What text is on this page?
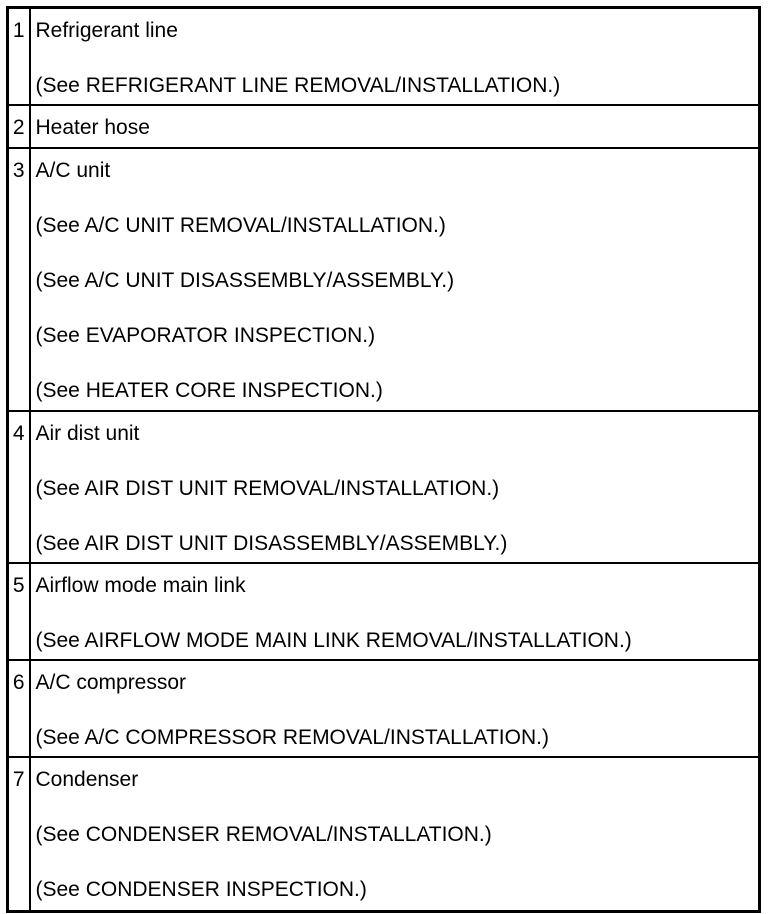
1	Refrigerant line
(See REFRIGERANT LINE REMOVAL/INSTALLATION.)

2	Heater hose

3	A/C unit
(See A/C UNIT REMOVAL/INSTALLATION.)
(See A/C UNIT DISASSEMBLY/ASSEMBLY.)
(See EVAPORATOR INSPECTION.)
(See HEATER CORE INSPECTION.)

4	Air dist unit
(See AIR DIST UNIT REMOVAL/INSTALLATION.)
(See AIR DIST UNIT DISASSEMBLY/ASSEMBLY.)

5	Airflow mode main link
(See AIRFLOW MODE MAIN LINK REMOVAL/INSTALLATION.)

6	A/C compressor
(See A/C COMPRESSOR REMOVAL/INSTALLATION.)

7	Condenser
(See CONDENSER REMOVAL/INSTALLATION.)
(See CONDENSER INSPECTION.)
